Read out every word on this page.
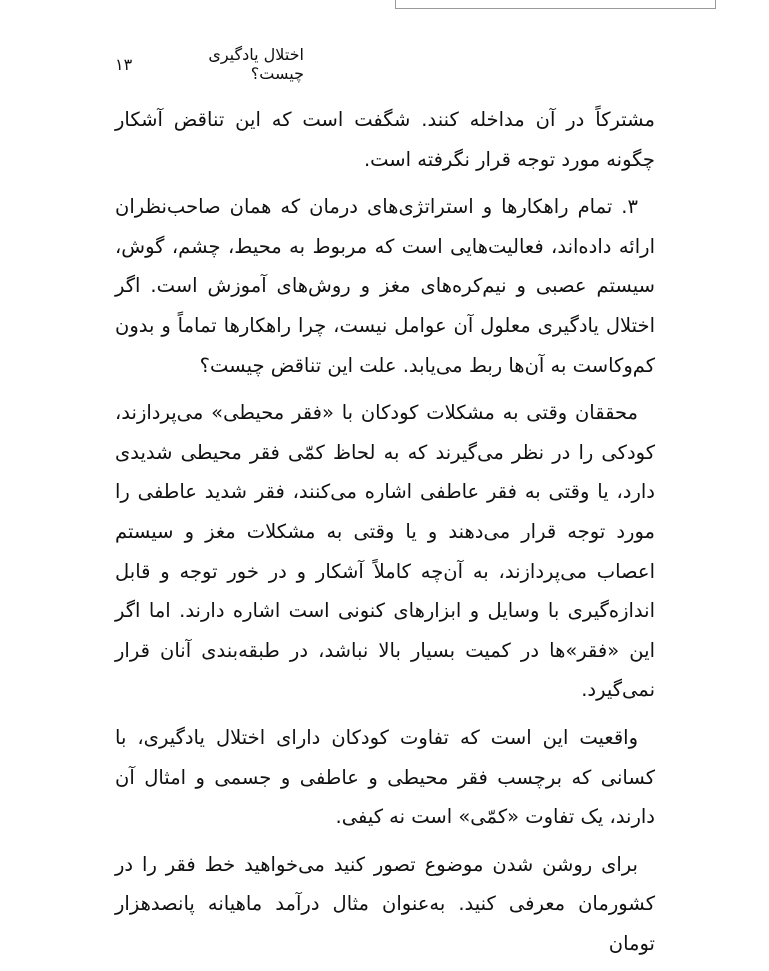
اختلال یادگیری چیست؟
۱۳

مشترکاً در آن مداخله کنند. شگفت است که این تناقض آشکار چگونه مورد توجه قرار نگرفته است.

۳. تمام راهکارها و استراتژی‌های درمان که همان صاحب‌نظران ارائه داده‌اند، فعالیت‌هایی است که مربوط به محیط، چشم، گوش، سیستم عصبی و نیم‌کره‌های مغز و روش‌های آموزش است. اگر اختلال یادگیری معلول آن عوامل نیست، چرا راهکارها تماماً و بدون کم‌وکاست به آن‌ها ربط می‌یابد. علت این تناقض چیست؟

محققان وقتی به مشکلات کودکان با «فقر محیطی» می‌پردازند، کودکی را در نظر می‌گیرند که به لحاظ کمّی فقر محیطی شدیدی دارد، یا وقتی به فقر عاطفی اشاره می‌کنند، فقر شدید عاطفی را مورد توجه قرار می‌دهند و یا وقتی به مشکلات مغز و سیستم اعصاب می‌پردازند، به آن‌چه کاملاً آشکار و در خور توجه و قابل اندازه‌گیری با وسایل و ابزارهای کنونی است اشاره دارند. اما اگر این «فقر»ها در کمیت بسیار بالا نباشد، در طبقه‌بندی آنان قرار نمی‌گیرد.

واقعیت این است که تفاوت کودکان دارای اختلال یادگیری، با کسانی که برچسب فقر محیطی و عاطفی و جسمی و امثال آن دارند، یک تفاوت «کمّی» است نه کیفی.

برای روشن شدن موضوع تصور کنید می‌خواهید خط فقر را در کشورمان معرفی کنید. به‌عنوان مثال درآمد ماهیانه پانصدهزار تومان
